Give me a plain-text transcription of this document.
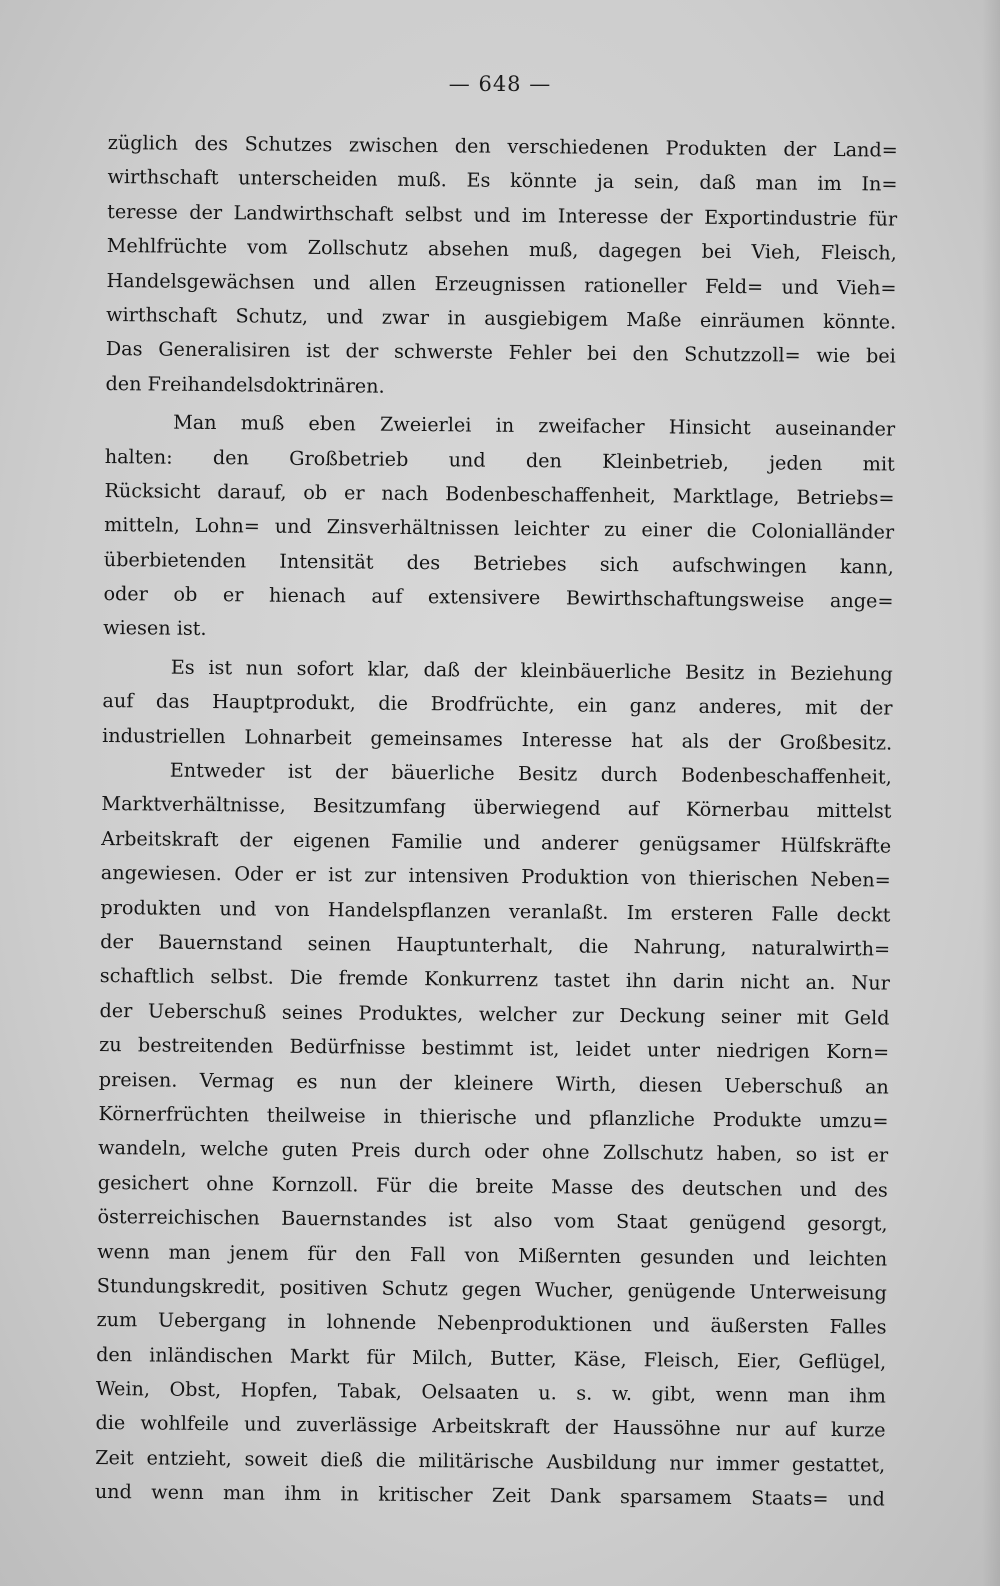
— 648 —
züglich des Schutzes zwischen den verschiedenen Produkten der Land=
wirthschaft unterscheiden muß. Es könnte ja sein, daß man im In=
teresse der Landwirthschaft selbst und im Interesse der Exportindustrie für
Mehlfrüchte vom Zollschutz absehen muß, dagegen bei Vieh, Fleisch,
Handelsgewächsen und allen Erzeugnissen rationeller Feld= und Vieh=
wirthschaft Schutz, und zwar in ausgiebigem Maße einräumen könnte.
Das Generalisiren ist der schwerste Fehler bei den Schutzzoll= wie bei
den Freihandelsdoktrinären.
Man muß eben Zweierlei in zweifacher Hinsicht auseinander
halten: den Großbetrieb und den Kleinbetrieb, jeden mit
Rücksicht darauf, ob er nach Bodenbeschaffenheit, Marktlage, Betriebs=
mitteln, Lohn= und Zinsverhältnissen leichter zu einer die Colonialländer
überbietenden Intensität des Betriebes sich aufschwingen kann,
oder ob er hienach auf extensivere Bewirthschaftungsweise ange=
wiesen ist.
Es ist nun sofort klar, daß der kleinbäuerliche Besitz in Beziehung
auf das Hauptprodukt, die Brodfrüchte, ein ganz anderes, mit der
industriellen Lohnarbeit gemeinsames Interesse hat als der Großbesitz.
Entweder ist der bäuerliche Besitz durch Bodenbeschaffenheit,
Marktverhältnisse, Besitzumfang überwiegend auf Körnerbau mittelst
Arbeitskraft der eigenen Familie und anderer genügsamer Hülfskräfte
angewiesen. Oder er ist zur intensiven Produktion von thierischen Neben=
produkten und von Handelspflanzen veranlaßt. Im ersteren Falle deckt
der Bauernstand seinen Hauptunterhalt, die Nahrung, naturalwirth=
schaftlich selbst. Die fremde Konkurrenz tastet ihn darin nicht an. Nur
der Ueberschuß seines Produktes, welcher zur Deckung seiner mit Geld
zu bestreitenden Bedürfnisse bestimmt ist, leidet unter niedrigen Korn=
preisen. Vermag es nun der kleinere Wirth, diesen Ueberschuß an
Körnerfrüchten theilweise in thierische und pflanzliche Produkte umzu=
wandeln, welche guten Preis durch oder ohne Zollschutz haben, so ist er
gesichert ohne Kornzoll. Für die breite Masse des deutschen und des
österreichischen Bauernstandes ist also vom Staat genügend gesorgt,
wenn man jenem für den Fall von Mißernten gesunden und leichten
Stundungskredit, positiven Schutz gegen Wucher, genügende Unterweisung
zum Uebergang in lohnende Nebenproduktionen und äußersten Falles
den inländischen Markt für Milch, Butter, Käse, Fleisch, Eier, Geflügel,
Wein, Obst, Hopfen, Tabak, Oelsaaten u. s. w. gibt, wenn man ihm
die wohlfeile und zuverlässige Arbeitskraft der Haussöhne nur auf kurze
Zeit entzieht, soweit dieß die militärische Ausbildung nur immer gestattet,
und wenn man ihm in kritischer Zeit Dank sparsamem Staats= und
